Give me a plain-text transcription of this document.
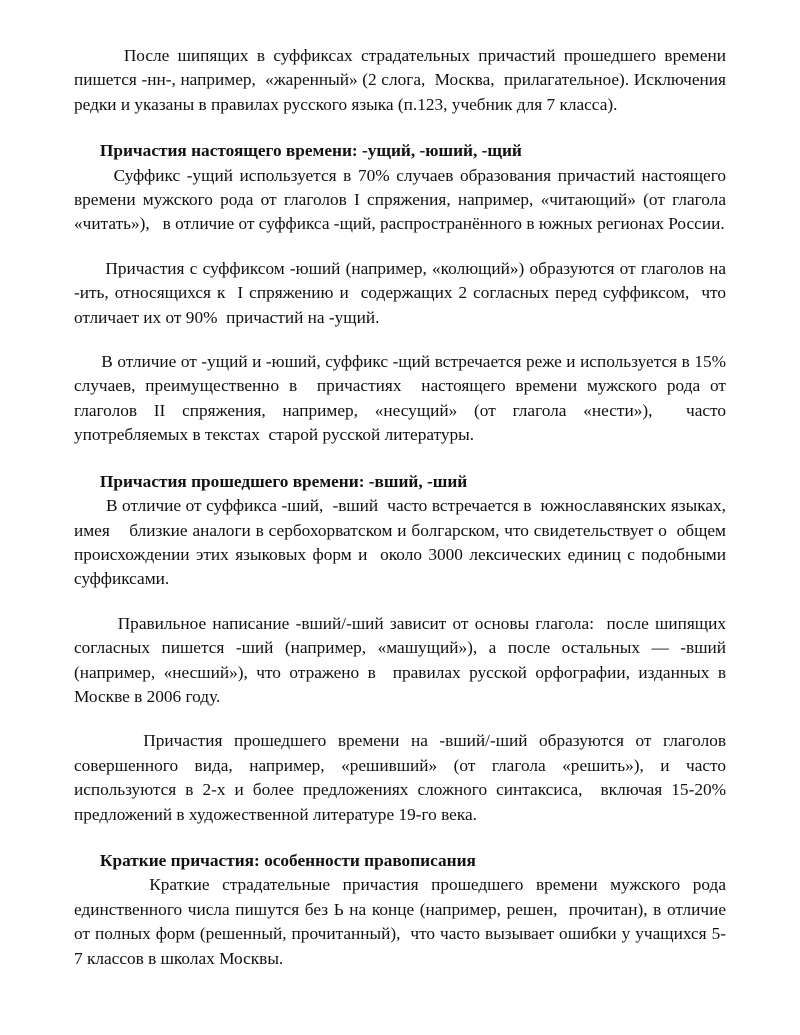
После шипящих в суффиксах страдательных причастий прошедшего времени пишется -нн-, например,  «жаренный» (2 слога,  Москва,  прилагательное). Исключения редки и указаны в правилах русского языка (п.123, учебник для 7 класса).

Причастия настоящего времени: -ущий, -юший, -щий

Суффикс -ущий используется в 70% случаев образования причастий настоящего времени мужского рода от глаголов I спряжения, например, «читающий» (от глагола «читать»),   в отличие от суффикса -щий, распространённого в южных регионах России.

Причастия с суффиксом -юший (например, «колющий») образуются от глаголов на -ить, относящихся к  I спряжению и  содержащих 2 согласных перед суффиксом,  что отличает их от 90%  причастий на -ущий.

В отличие от -ущий и -юший, суффикс -щий встречается реже и используется в 15%  случаев, преимущественно в  причастиях  настоящего времени мужского рода от глаголов II спряжения, например, «несущий» (от глагола «нести»),  часто употребляемых в текстах  старой русской литературы.

Причастия прошедшего времени: -вший, -ший

В отличие от суффикса -ший,  -вший  часто встречается в  южнославянских языках,    имея    близкие аналоги в сербохорватском и болгарском, что свидетельствует о  общем происхождении этих языковых форм и  около 3000 лексических единиц с подобными суффиксами.

Правильное написание -вший/-ший зависит от основы глагола:  после шипящих согласных пишется -ший (например, «машущий»), а после остальных — -вший (например, «несший»), что отражено в  правилах русской орфографии, изданных в Москве в 2006 году.

Причастия прошедшего времени на -вший/-ший образуются от глаголов совершенного вида, например, «решивший» (от глагола «решить»), и часто используются в 2-х и более предложениях сложного синтаксиса,  включая 15-20% предложений в художественной литературе 19-го века.

Краткие причастия: особенности правописания

Краткие страдательные причастия прошедшего времени мужского рода единственного числа пишутся без Ь на конце (например, решен,  прочитан), в отличие от полных форм (решенный, прочитанный),  что часто вызывает ошибки у учащихся 5-7 классов в школах Москвы.
